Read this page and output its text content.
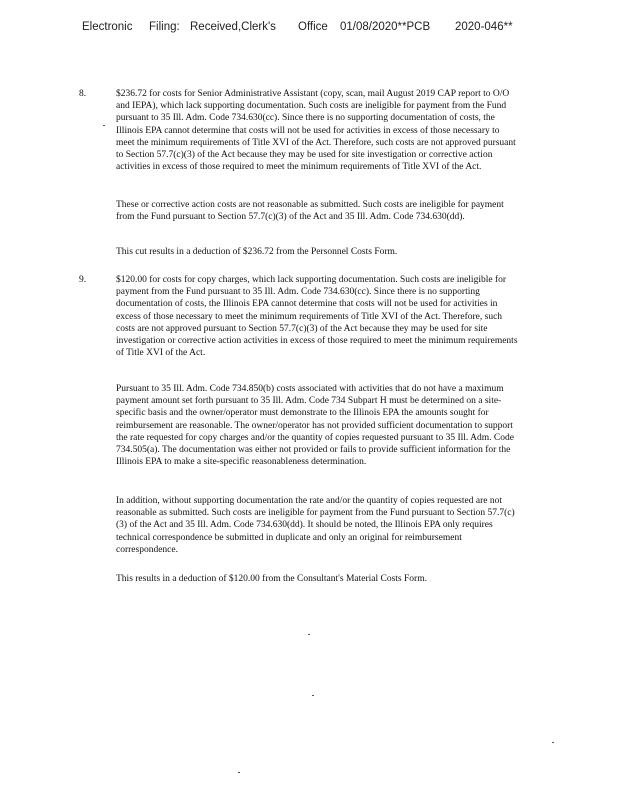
Electronic Filing: Received,Clerk's Office 01/08/2020**PCB 2020-046**
8.	$236.72 for costs for Senior Administrative Assistant (copy, scan, mail August 2019 CAP report to O/O and IEPA), which lack supporting documentation. Such costs are ineligible for payment from the Fund pursuant to 35 Ill. Adm. Code 734.630(cc). Since there is no supporting documentation of costs, the Illinois EPA cannot determine that costs will not be used for activities in excess of those necessary to meet the minimum requirements of Title XVI of the Act. Therefore, such costs are not approved pursuant to Section 57.7(c)(3) of the Act because they may be used for site investigation or corrective action activities in excess of those required to meet the minimum requirements of Title XVI of the Act.

These or corrective action costs are not reasonable as submitted. Such costs are ineligible for payment from the Fund pursuant to Section 57.7(c)(3) of the Act and 35 Ill. Adm. Code 734.630(dd).

This cut results in a deduction of $236.72 from the Personnel Costs Form.

9.	$120.00 for costs for copy charges, which lack supporting documentation. Such costs are ineligible for payment from the Fund pursuant to 35 Ill. Adm. Code 734.630(cc). Since there is no supporting documentation of costs, the Illinois EPA cannot determine that costs will not be used for activities in excess of those necessary to meet the minimum requirements of Title XVI of the Act. Therefore, such costs are not approved pursuant to Section 57.7(c)(3) of the Act because they may be used for site investigation or corrective action activities in excess of those required to meet the minimum requirements of Title XVI of the Act.

Pursuant to 35 Ill. Adm. Code 734.850(b) costs associated with activities that do not have a maximum payment amount set forth pursuant to 35 Ill. Adm. Code 734 Subpart H must be determined on a site-specific basis and the owner/operator must demonstrate to the Illinois EPA the amounts sought for reimbursement are reasonable. The owner/operator has not provided sufficient documentation to support the rate requested for copy charges and/or the quantity of copies requested pursuant to 35 Ill. Adm. Code 734.505(a). The documentation was either not provided or fails to provide sufficient information for the Illinois EPA to make a site-specific reasonableness determination.

In addition, without supporting documentation the rate and/or the quantity of copies requested are not reasonable as submitted. Such costs are ineligible for payment from the Fund pursuant to Section 57.7(c)(3) of the Act and 35 Ill. Adm. Code 734.630(dd). It should be noted, the Illinois EPA only requires technical correspondence be submitted in duplicate and only an original for reimbursement correspondence.

This results in a deduction of $120.00 from the Consultant's Material Costs Form.
